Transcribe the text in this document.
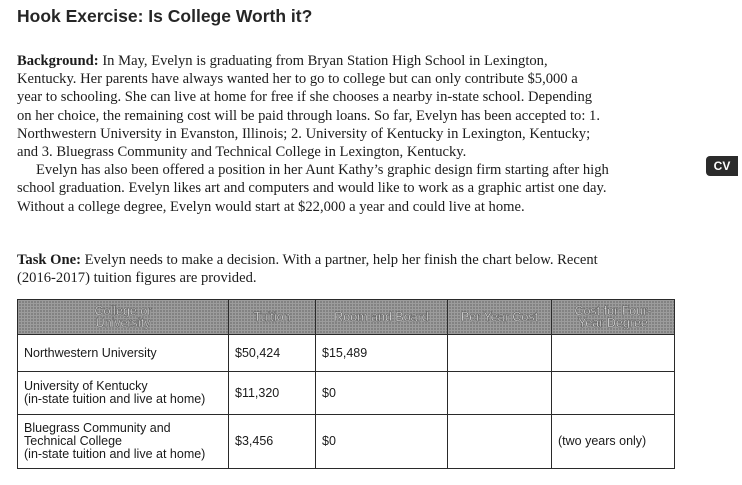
Hook Exercise: Is College Worth it?
Background: In May, Evelyn is graduating from Bryan Station High School in Lexington,
Kentucky. Her parents have always wanted her to go to college but can only contribute $5,000 a
year to schooling. She can live at home for free if she chooses a nearby in-state school. Depending
on her choice, the remaining cost will be paid through loans. So far, Evelyn has been accepted to: 1.
Northwestern University in Evanston, Illinois; 2. University of Kentucky in Lexington, Kentucky;
and 3. Bluegrass Community and Technical College in Lexington, Kentucky.
Evelyn has also been offered a position in her Aunt Kathy’s graphic design firm starting after high
school graduation. Evelyn likes art and computers and would like to work as a graphic artist one day.
Without a college degree, Evelyn would start at $22,000 a year and could live at home.
CV
Task One: Evelyn needs to make a decision. With a partner, help her finish the chart below. Recent
(2016-2017) tuition figures are provided.
College or
University	Tuition	Room and Board	Per Year Cost	Cost for Four-
Year Degree
Northwestern University	$50,424	$15,489		
University of Kentucky
(in-state tuition and live at home)	$11,320	$0		
Bluegrass Community and
Technical College
(in-state tuition and live at home)	$3,456	$0		(two years only)
